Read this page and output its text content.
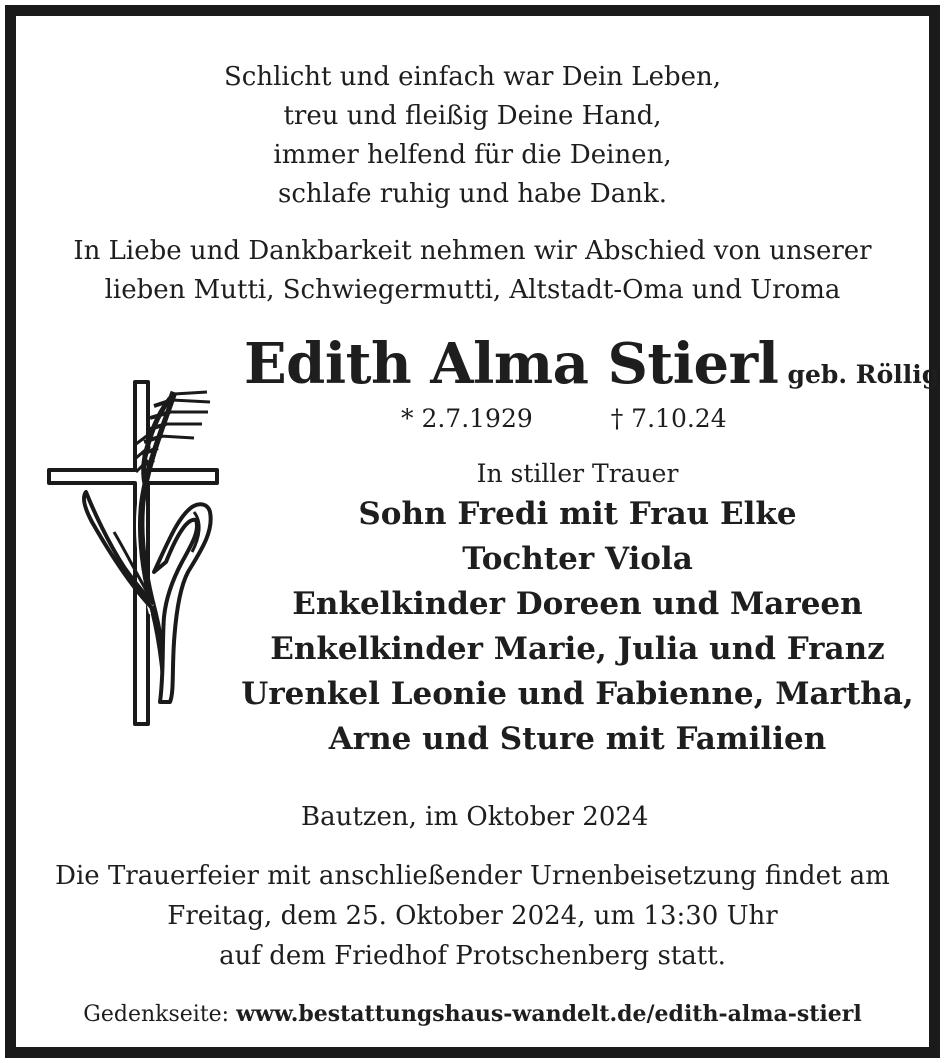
Schlicht und einfach war Dein Leben,
treu und fleißig Deine Hand,
immer helfend für die Deinen,
schlafe ruhig und habe Dank.
In Liebe und Dankbarkeit nehmen wir Abschied von unserer
lieben Mutti, Schwiegermutti, Altstadt-Oma und Uroma
Edith Alma Stierl geb. Röllig
* 2.7.1929	† 7.10.24
In stiller Trauer
Sohn Fredi mit Frau Elke
Tochter Viola
Enkelkinder Doreen und Mareen
Enkelkinder Marie, Julia und Franz
Urenkel Leonie und Fabienne, Martha,
Arne und Sture mit Familien
Bautzen, im Oktober 2024
Die Trauerfeier mit anschließender Urnenbeisetzung findet am
Freitag, dem 25. Oktober 2024, um 13:30 Uhr
auf dem Friedhof Protschenberg statt.
Gedenkseite: www.bestattungshaus-wandelt.de/edith-alma-stierl
